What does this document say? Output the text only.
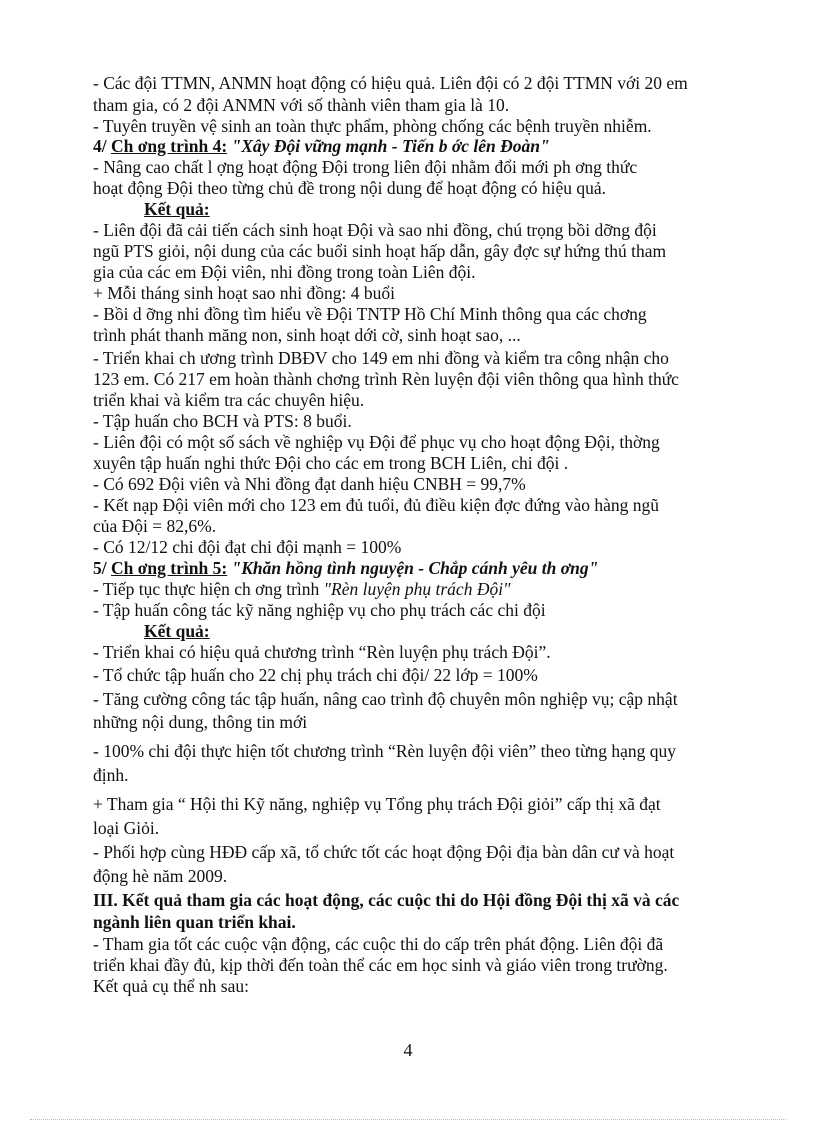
- Các đội TTMN, ANMN hoạt động có hiệu quả. Liên đội có 2 đội TTMN với 20 em
tham gia, có 2 đội ANMN với số thành viên tham gia là 10.
- Tuyên truyền vệ sinh an toàn thực phẩm, phòng chống các bệnh truyền nhiễm.
4/ Ch ơng trình 4: "Xây Đội vững mạnh - Tiến b ớc lên Đoàn"
- Nâng cao chất l ợng hoạt động Đội trong liên đội nhằm đổi mới ph ơng thức
hoạt động Đội theo từng chủ đề trong nội dung để hoạt động có hiệu quả.
Kết quả:
- Liên đội đã cải tiến cách sinh hoạt Đội và sao nhi đồng, chú trọng bồi dỡng đội
ngũ PTS giỏi, nội dung của các buổi sinh hoạt hấp dẫn, gây đợc sự hứng thú tham
gia của các em Đội viên, nhi đồng trong toàn Liên đội.
+ Mỗi tháng sinh hoạt sao nhi đồng: 4 buổi
- Bồi d ỡng nhi đồng tìm hiểu về Đội TNTP Hồ Chí Minh thông qua các chơng
trình phát thanh măng non, sinh hoạt dới cờ, sinh hoạt sao, ...
- Triển khai ch ương trình DBĐV cho 149 em nhi đồng và kiểm tra công nhận cho
123 em. Có 217 em hoàn thành chơng trình Rèn luyện đội viên thông qua hình thức
triển khai và kiểm tra các chuyên hiệu.
- Tập huấn cho BCH và PTS: 8 buổi.
- Liên đội có một số sách về nghiệp vụ Đội để phục vụ cho hoạt động Đội, thờng
xuyên tập huấn nghi thức Đội cho các em trong BCH Liên, chi đội .
- Có 692 Đội viên và Nhi đồng đạt danh hiệu CNBH = 99,7%
- Kết nạp Đội viên mới cho 123 em đủ tuổi, đủ điều kiện đợc đứng vào hàng ngũ
của Đội = 82,6%.
- Có 12/12 chi đội đạt chi đội mạnh = 100%
5/ Ch ơng trình 5: "Khăn hồng tình nguyện - Chắp cánh yêu th ơng"
- Tiếp tục thực hiện ch ơng trình "Rèn luyện phụ trách Đội"
- Tập huấn công tác kỹ năng nghiệp vụ cho phụ trách các chi đội
Kết quả:
- Triển khai có hiệu quả chương trình “Rèn luyện phụ trách Đội”.
- Tổ chức tập huấn cho 22 chị phụ trách chi đội/ 22 lớp = 100%
- Tăng cường công tác tập huấn, nâng cao trình độ chuyên môn nghiệp vụ; cập nhật
những nội dung, thông tin mới
- 100% chi đội thực hiện tốt chương trình “Rèn luyện đội viên” theo từng hạng quy
định.
+ Tham gia “ Hội thi Kỹ năng, nghiệp vụ Tổng phụ trách Đội giỏi” cấp thị xã đạt
loại Giỏi.
- Phối hợp cùng HĐĐ cấp xã, tổ chức tốt các hoạt động Đội địa bàn dân cư và hoạt
động hè năm 2009.
III. Kết quả tham gia các hoạt động, các cuộc thi do Hội đồng Đội thị xã và các
ngành liên quan triển khai.
- Tham gia tốt các cuộc vận động, các cuộc thi do cấp trên phát động. Liên đội đã
triển khai đầy đủ, kịp thời đến toàn thể các em học sinh và giáo viên trong trường.
Kết quả cụ thể nh sau:
4
